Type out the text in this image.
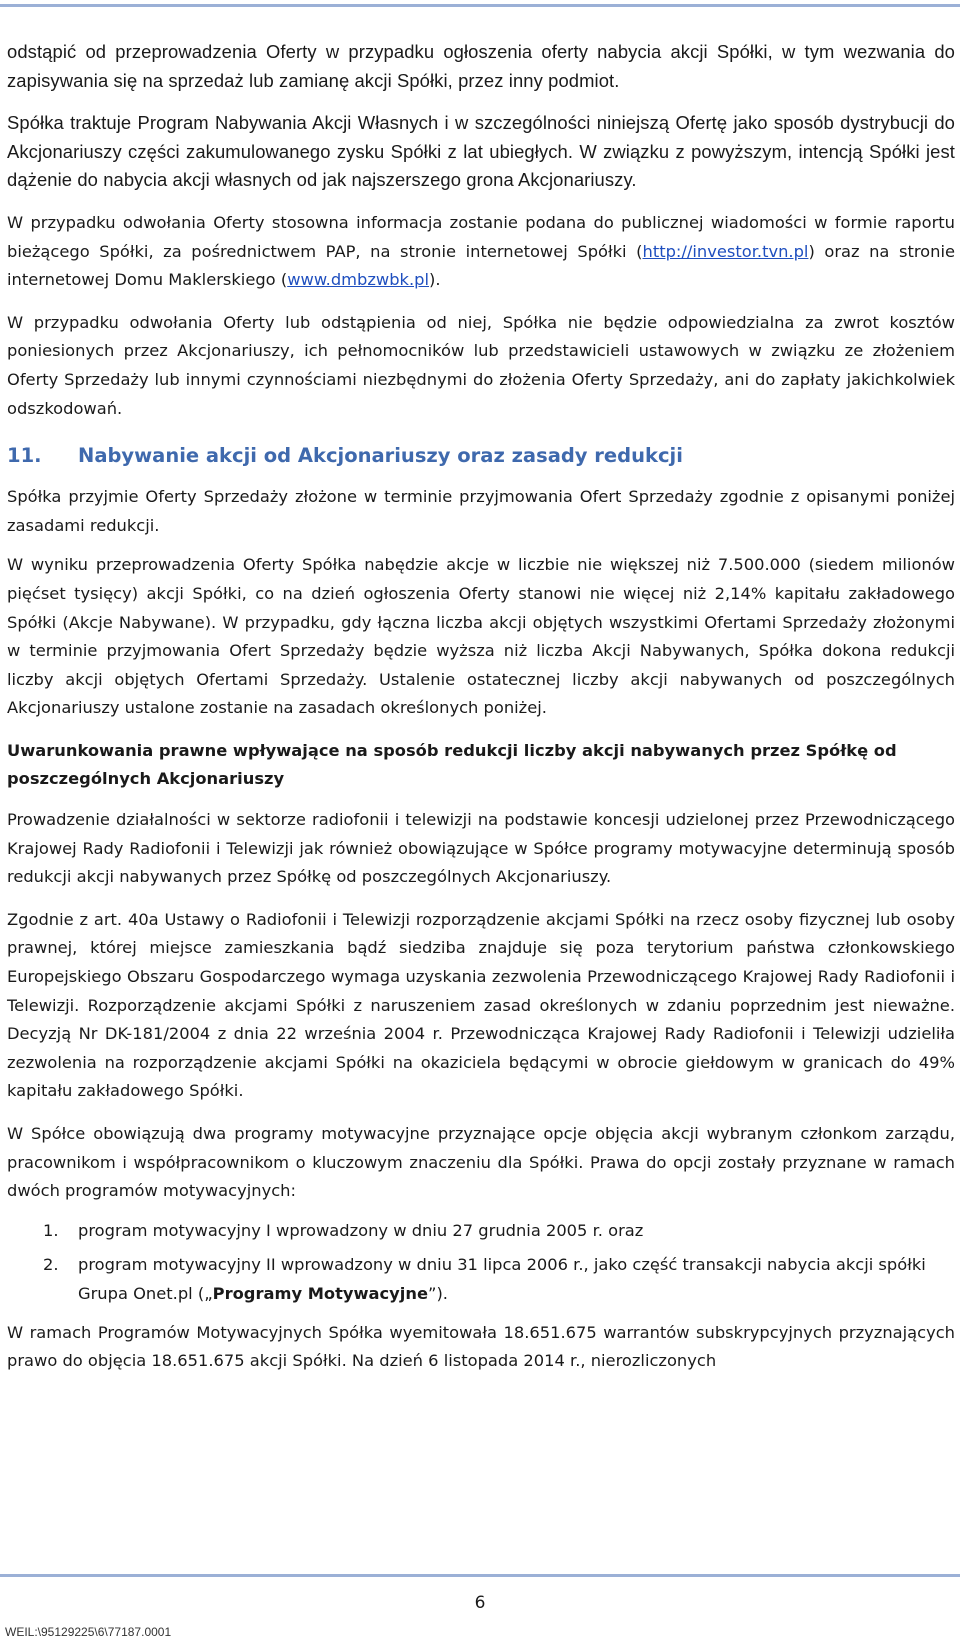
odstąpić od przeprowadzenia Oferty w przypadku ogłoszenia oferty nabycia akcji Spółki, w tym wezwania do zapisywania się na sprzedaż lub zamianę akcji Spółki, przez inny podmiot.

Spółka traktuje Program Nabywania Akcji Własnych i w szczególności niniejszą Ofertę jako sposób dystrybucji do Akcjonariuszy części zakumulowanego zysku Spółki z lat ubiegłych. W związku z powyższym, intencją Spółki jest dążenie do nabycia akcji własnych od jak najszerszego grona Akcjonariuszy.

W przypadku odwołania Oferty stosowna informacja zostanie podana do publicznej wiadomości w formie raportu bieżącego Spółki, za pośrednictwem PAP, na stronie internetowej Spółki (http://investor.tvn.pl) oraz na stronie internetowej Domu Maklerskiego (www.dmbzwbk.pl).

W przypadku odwołania Oferty lub odstąpienia od niej, Spółka nie będzie odpowiedzialna za zwrot kosztów poniesionych przez Akcjonariuszy, ich pełnomocników lub przedstawicieli ustawowych w związku ze złożeniem Oferty Sprzedaży lub innymi czynnościami niezbędnymi do złożenia Oferty Sprzedaży, ani do zapłaty jakichkolwiek odszkodowań.

11.	Nabywanie akcji od Akcjonariuszy oraz zasady redukcji

Spółka przyjmie Oferty Sprzedaży złożone w terminie przyjmowania Ofert Sprzedaży zgodnie z opisanymi poniżej zasadami redukcji.

W wyniku przeprowadzenia Oferty Spółka nabędzie akcje w liczbie nie większej niż 7.500.000 (siedem milionów pięćset tysięcy) akcji Spółki, co na dzień ogłoszenia Oferty stanowi nie więcej niż 2,14% kapitału zakładowego Spółki (Akcje Nabywane). W przypadku, gdy łączna liczba akcji objętych wszystkimi Ofertami Sprzedaży złożonymi w terminie przyjmowania Ofert Sprzedaży będzie wyższa niż liczba Akcji Nabywanych, Spółka dokona redukcji liczby akcji objętych Ofertami Sprzedaży. Ustalenie ostatecznej liczby akcji nabywanych od poszczególnych Akcjonariuszy ustalone zostanie na zasadach określonych poniżej.

Uwarunkowania prawne wpływające na sposób redukcji liczby akcji nabywanych przez Spółkę od poszczególnych Akcjonariuszy

Prowadzenie działalności w sektorze radiofonii i telewizji na podstawie koncesji udzielonej przez Przewodniczącego Krajowej Rady Radiofonii i Telewizji jak również obowiązujące w Spółce programy motywacyjne determinują sposób redukcji akcji nabywanych przez Spółkę od poszczególnych Akcjonariuszy.

Zgodnie z art. 40a Ustawy o Radiofonii i Telewizji rozporządzenie akcjami Spółki na rzecz osoby fizycznej lub osoby prawnej, której miejsce zamieszkania bądź siedziba znajduje się poza terytorium państwa członkowskiego Europejskiego Obszaru Gospodarczego wymaga uzyskania zezwolenia Przewodniczącego Krajowej Rady Radiofonii i Telewizji. Rozporządzenie akcjami Spółki z naruszeniem zasad określonych w zdaniu poprzednim jest nieważne. Decyzją Nr DK-181/2004 z dnia 22 września 2004 r. Przewodnicząca Krajowej Rady Radiofonii i Telewizji udzieliła zezwolenia na rozporządzenie akcjami Spółki na okaziciela będącymi w obrocie giełdowym w granicach do 49% kapitału zakładowego Spółki.

W Spółce obowiązują dwa programy motywacyjne przyznające opcje objęcia akcji wybranym członkom zarządu, pracownikom i współpracownikom o kluczowym znaczeniu dla Spółki. Prawa do opcji zostały przyznane w ramach dwóch programów motywacyjnych:

1.	program motywacyjny I wprowadzony w dniu 27 grudnia 2005 r. oraz
2.	program motywacyjny II wprowadzony w dniu 31 lipca 2006 r., jako część transakcji nabycia akcji spółki Grupa Onet.pl („Programy Motywacyjne”).

W ramach Programów Motywacyjnych Spółka wyemitowała 18.651.675 warrantów subskrypcyjnych przyznających prawo do objęcia 18.651.675 akcji Spółki. Na dzień 6 listopada 2014 r., nierozliczonych

6
WEIL:\95129225\6\77187.0001
